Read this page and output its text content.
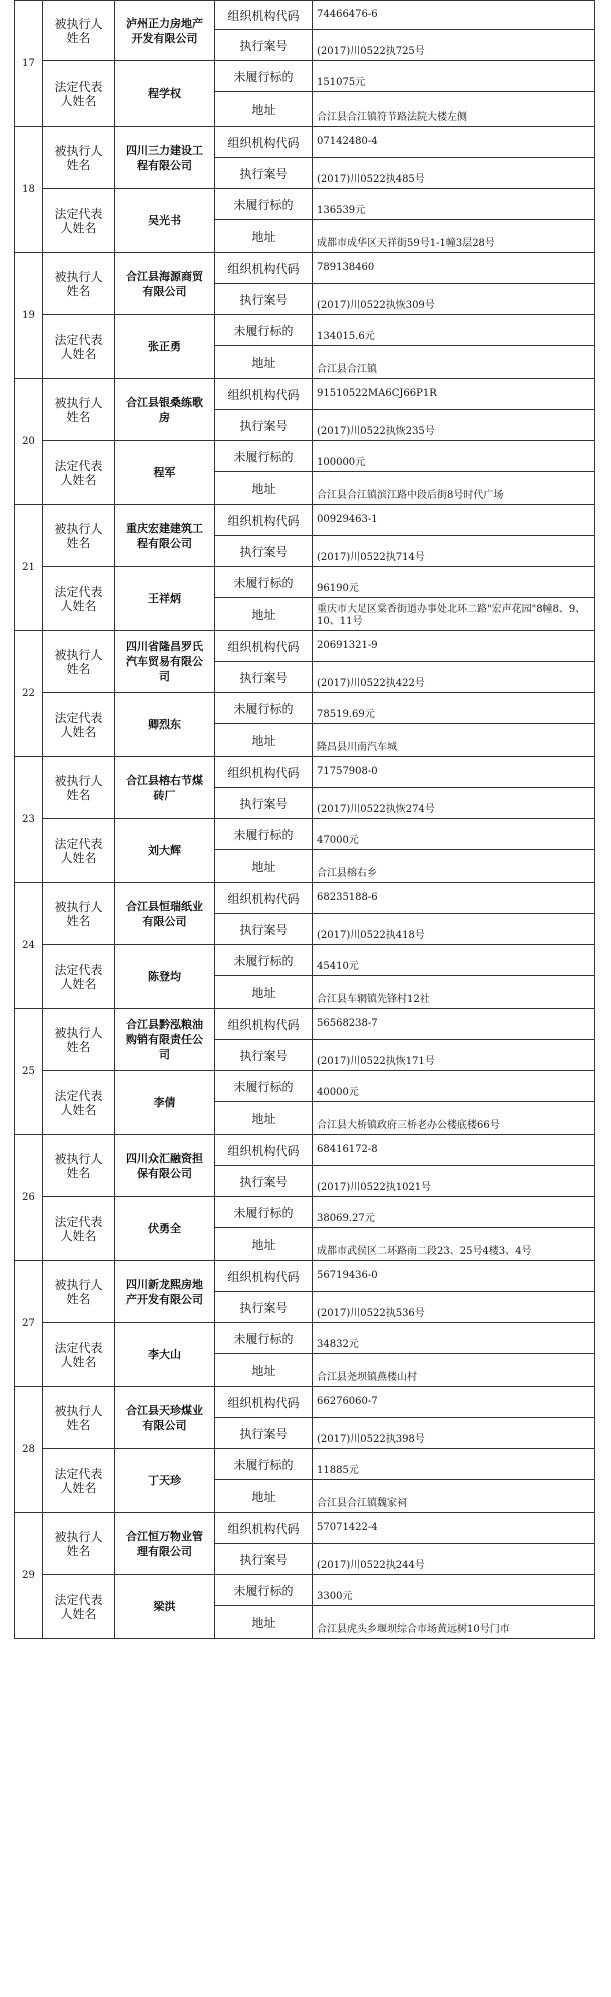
17	被执行人姓名	泸州正力房地产开发有限公司	组织机构代码	74466476-6
			执行案号	(2017)川0522执725号
	法定代表人姓名	程学权	未履行标的	151075元
			地址	合江县合江镇符节路法院大楼左侧
18	被执行人姓名	四川三力建设工程有限公司	组织机构代码	07142480-4
			执行案号	(2017)川0522执485号
	法定代表人姓名	吴光书	未履行标的	136539元
			地址	成都市成华区天祥街59号1-1幢3层28号
19	被执行人姓名	合江县海源商贸有限公司	组织机构代码	789138460
			执行案号	(2017)川0522执恢309号
	法定代表人姓名	张正勇	未履行标的	134015.6元
			地址	合江县合江镇
20	被执行人姓名	合江县银桑练歌房	组织机构代码	91510522MA6CJ66P1R
			执行案号	(2017)川0522执恢235号
	法定代表人姓名	程军	未履行标的	100000元
			地址	合江县合江镇滨江路中段后街8号时代广场
21	被执行人姓名	重庆宏建建筑工程有限公司	组织机构代码	00929463-1
			执行案号	(2017)川0522执714号
	法定代表人姓名	王祥炳	未履行标的	96190元
			地址	重庆市大足区棠香街道办事处北环二路"宏声花园"8幢8、9、10、11号
22	被执行人姓名	四川省隆昌罗氏汽车贸易有限公司	组织机构代码	20691321-9
			执行案号	(2017)川0522执422号
	法定代表人姓名	卿烈东	未履行标的	78519.69元
			地址	隆昌县川南汽车城
23	被执行人姓名	合江县榕右节煤砖厂	组织机构代码	71757908-0
			执行案号	(2017)川0522执恢274号
	法定代表人姓名	刘大辉	未履行标的	47000元
			地址	合江县榕右乡
24	被执行人姓名	合江县恒瑞纸业有限公司	组织机构代码	68235188-6
			执行案号	(2017)川0522执418号
	法定代表人姓名	陈登均	未履行标的	45410元
			地址	合江县车辋镇先锋村12社
25	被执行人姓名	合江县黔泓粮油购销有限责任公司	组织机构代码	56568238-7
			执行案号	(2017)川0522执恢171号
	法定代表人姓名	李倩	未履行标的	40000元
			地址	合江县大桥镇政府三桥老办公楼底楼66号
26	被执行人姓名	四川众汇融资担保有限公司	组织机构代码	68416172-8
			执行案号	(2017)川0522执1021号
	法定代表人姓名	伏勇全	未履行标的	38069.27元
			地址	成都市武侯区二环路南二段23、25号4楼3、4号
27	被执行人姓名	四川新龙熙房地产开发有限公司	组织机构代码	56719436-0
			执行案号	(2017)川0522执536号
	法定代表人姓名	李大山	未履行标的	34832元
			地址	合江县尧坝镇燕楼山村
28	被执行人姓名	合江县天珍煤业有限公司	组织机构代码	66276060-7
			执行案号	(2017)川0522执398号
	法定代表人姓名	丁天珍	未履行标的	11885元
			地址	合江县合江镇魏家祠
29	被执行人姓名	合江恒万物业管理有限公司	组织机构代码	57071422-4
			执行案号	(2017)川0522执244号
	法定代表人姓名	梁洪	未履行标的	3300元
			地址	合江县虎头乡堰坝综合市场黄远树10号门市
